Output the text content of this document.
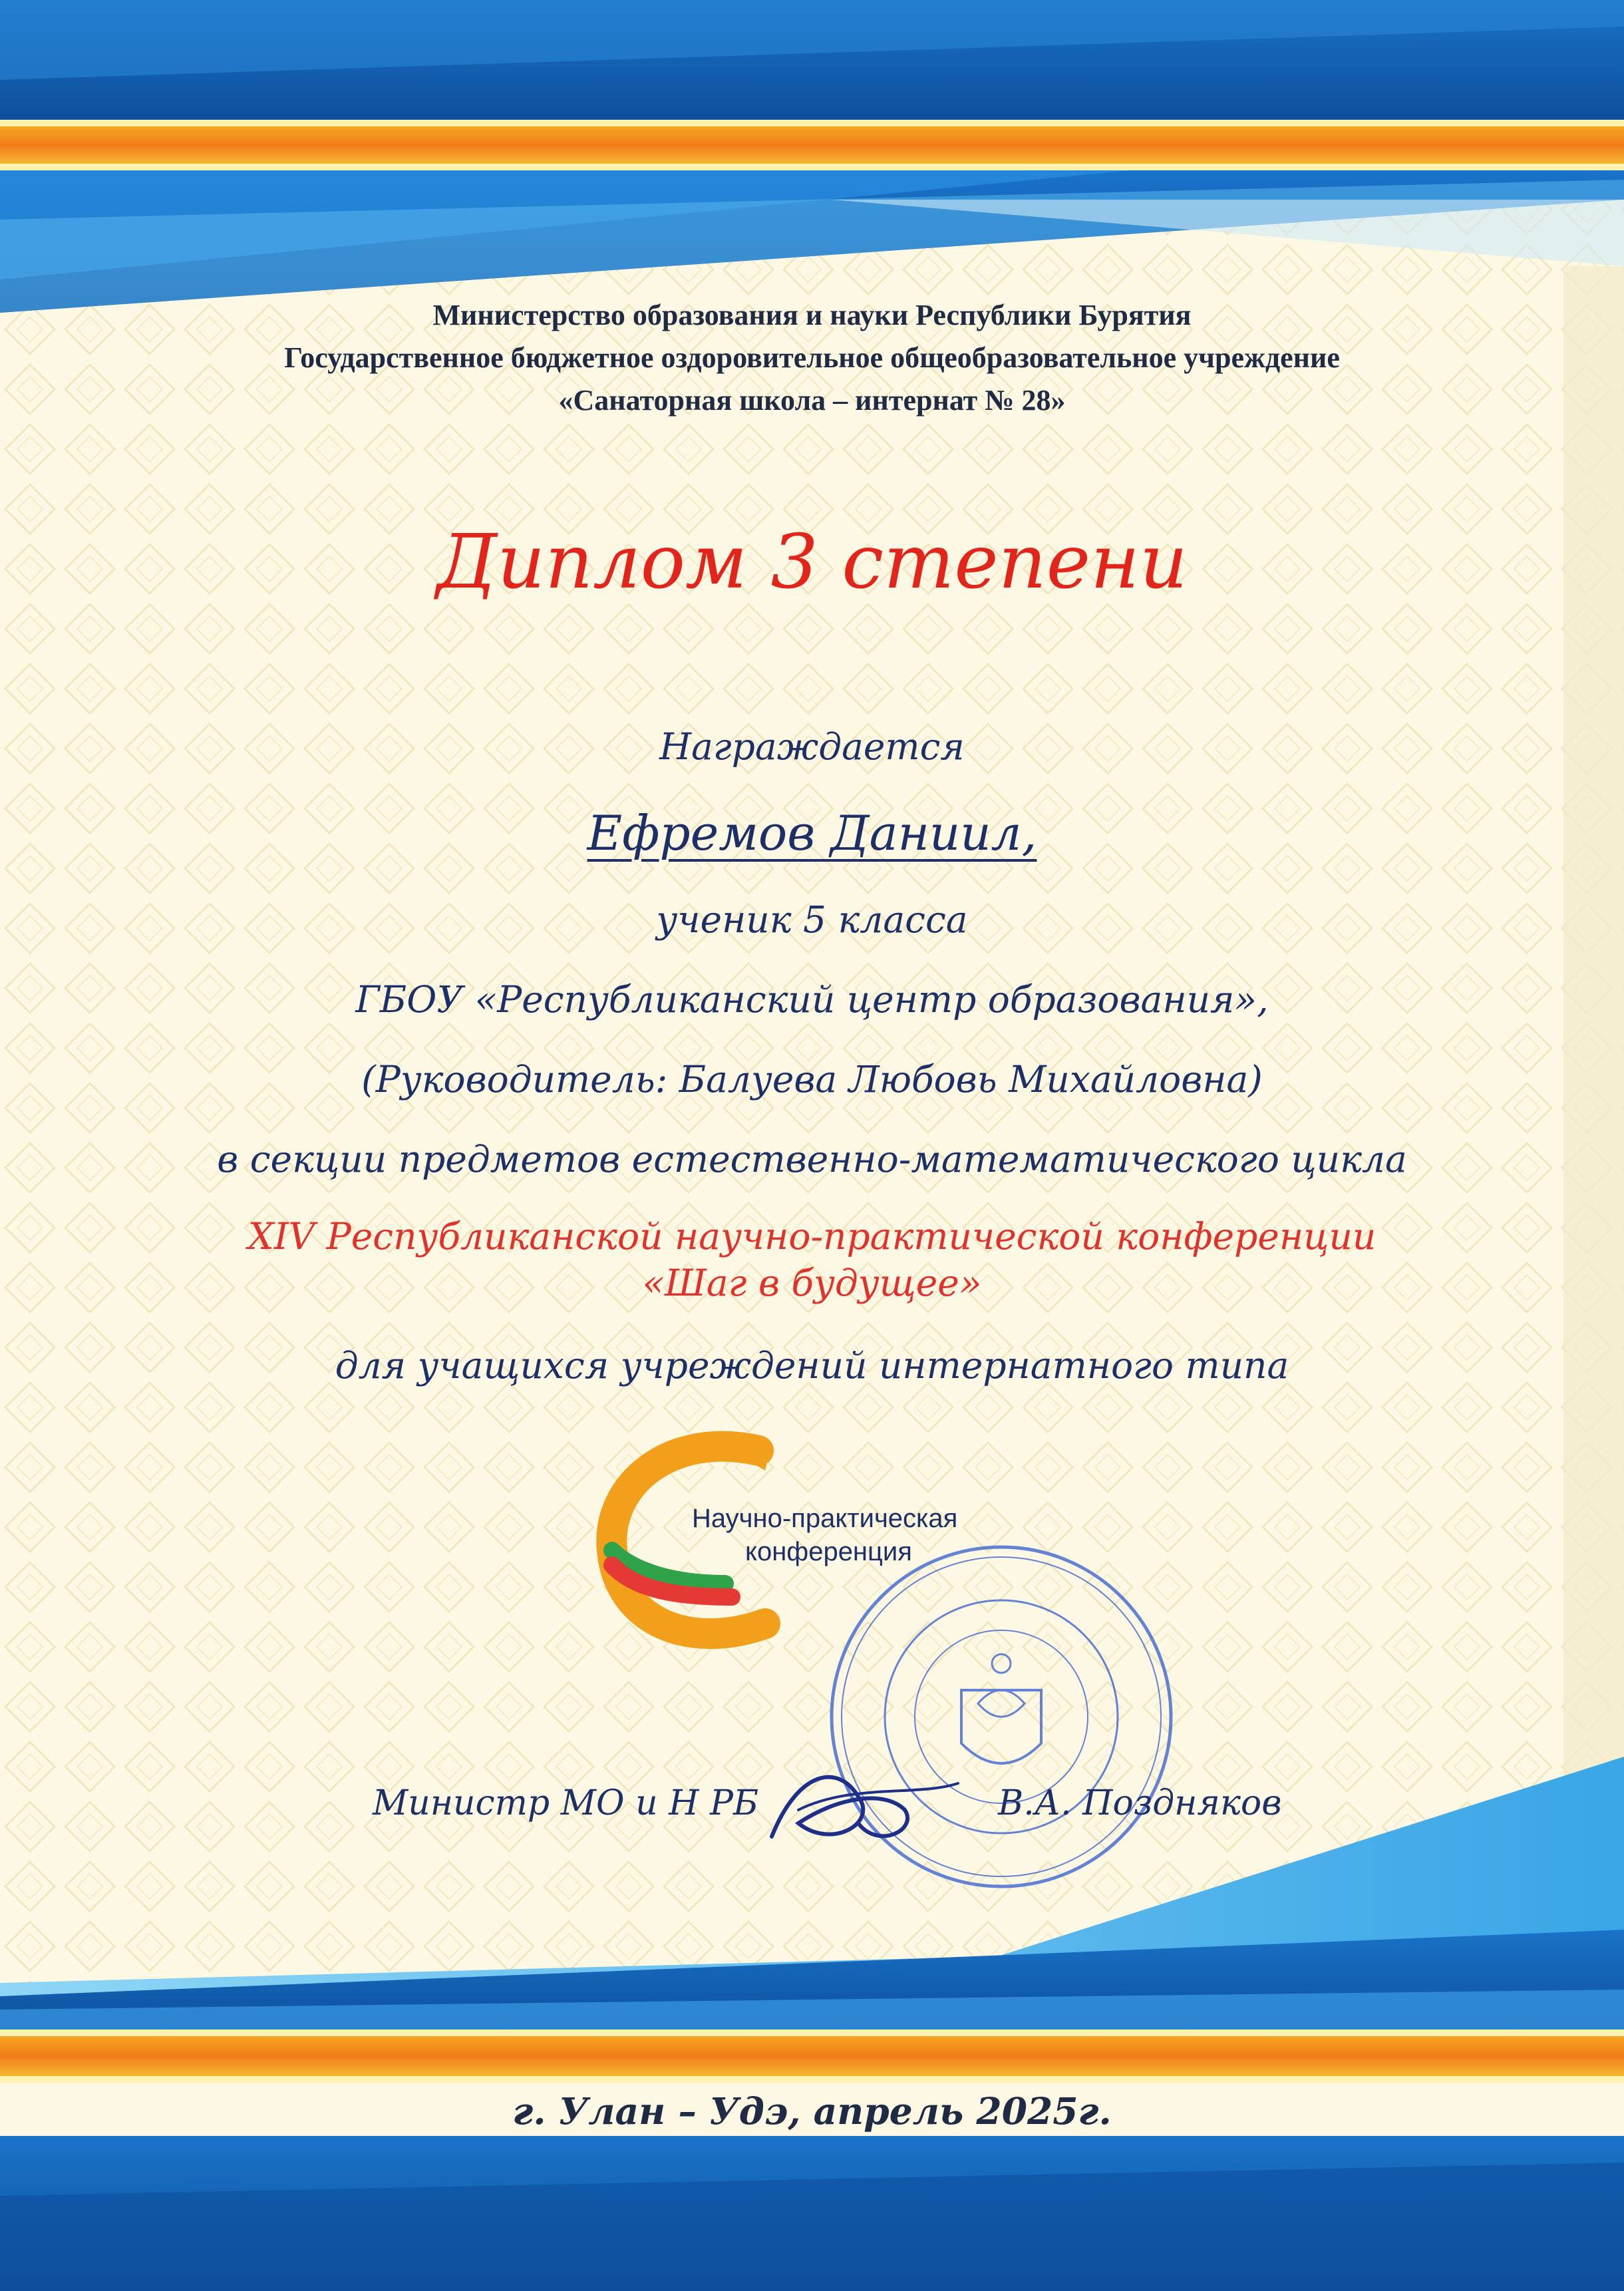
Министерство образования и науки Республики Бурятия

Государственное бюджетное оздоровительное общеобразовательное учреждение

«Санаторная школа – интернат № 28»

Диплом 3 степени

Награждается

Ефремов Даниил,

ученик 5 класса

ГБОУ «Республиканский центр образования»,

(Руководитель: Балуева Любовь Михайловна)

в секции предметов естественно-математического цикла

XIV Республиканской научно-практической конференции

«Шаг в будущее»

для учащихся учреждений интернатного типа

Научно-практическая

конференция

Министр МО и Н РБ	В.А. Поздняков

г. Улан – Удэ, апрель 2025г.
